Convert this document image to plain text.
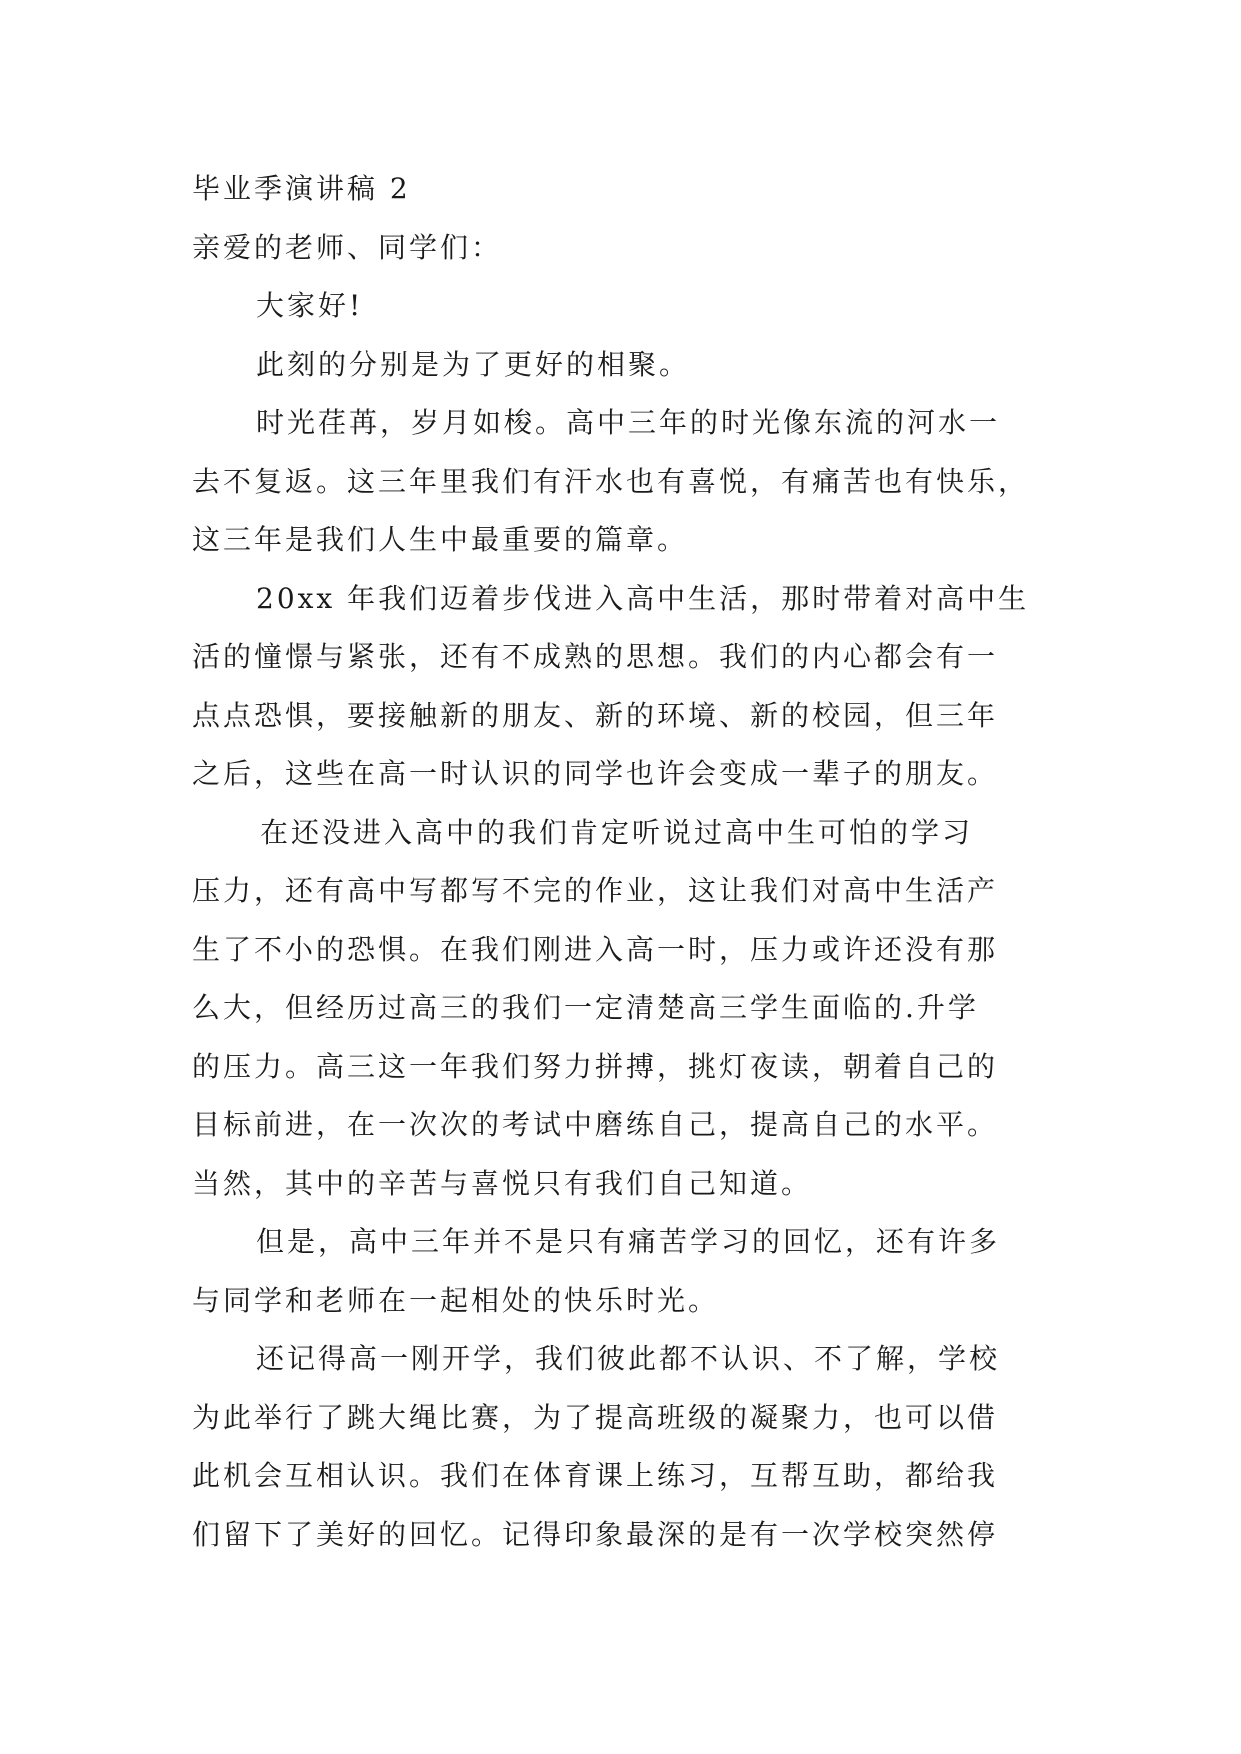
毕业季演讲稿 2
亲爱的老师、同学们：
大家好!
此刻的分别是为了更好的相聚。
时光荏苒，岁月如梭。高中三年的时光像东流的河水一
去不复返。这三年里我们有汗水也有喜悦，有痛苦也有快乐，
这三年是我们人生中最重要的篇章。
20xx 年我们迈着步伐进入高中生活，那时带着对高中生
活的憧憬与紧张，还有不成熟的思想。我们的内心都会有一
点点恐惧，要接触新的朋友、新的环境、新的校园，但三年
之后，这些在高一时认识的同学也许会变成一辈子的朋友。
在还没进入高中的我们肯定听说过高中生可怕的学习
压力，还有高中写都写不完的作业，这让我们对高中生活产
生了不小的恐惧。在我们刚进入高一时，压力或许还没有那
么大，但经历过高三的我们一定清楚高三学生面临的.升学
的压力。高三这一年我们努力拼搏，挑灯夜读，朝着自己的
目标前进，在一次次的考试中磨练自己，提高自己的水平。
当然，其中的辛苦与喜悦只有我们自己知道。
但是，高中三年并不是只有痛苦学习的回忆，还有许多
与同学和老师在一起相处的快乐时光。
还记得高一刚开学，我们彼此都不认识、不了解，学校
为此举行了跳大绳比赛，为了提高班级的凝聚力，也可以借
此机会互相认识。我们在体育课上练习，互帮互助，都给我
们留下了美好的回忆。记得印象最深的是有一次学校突然停
